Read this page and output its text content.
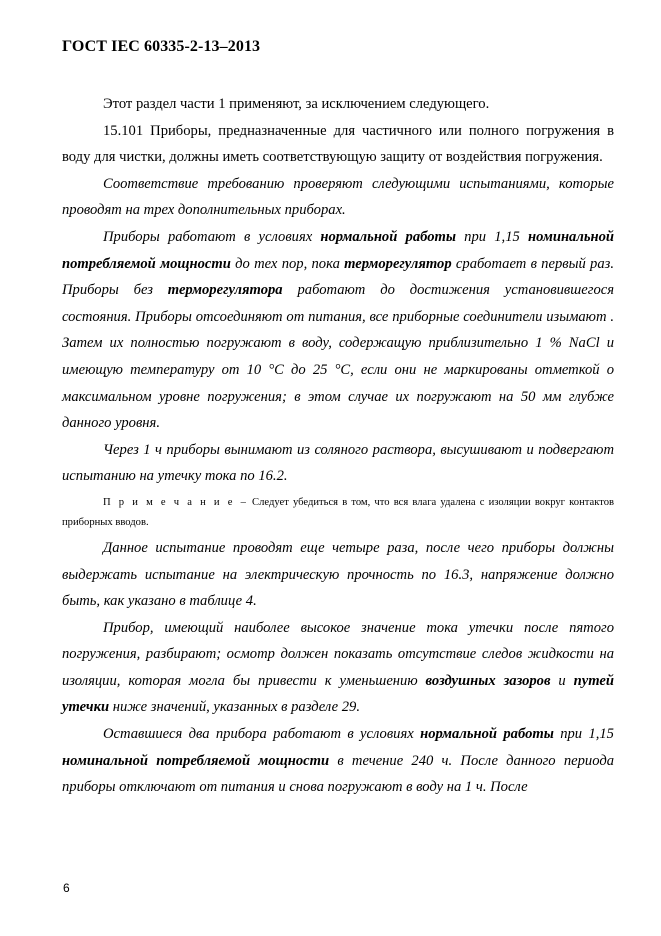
ГОСТ IEC 60335-2-13–2013

Этот раздел части 1 применяют, за исключением следующего.

15.101 Приборы, предназначенные для частичного или полного погружения в воду для чистки, должны иметь соответствующую защиту от воздействия погружения.

Соответствие требованию проверяют следующими испытаниями, которые проводят на трех дополнительных приборах.

Приборы работают в условиях нормальной работы при 1,15 номинальной потребляемой мощности до тех пор, пока терморегулятор сработает в первый раз. Приборы без терморегулятора работают до достижения установившегося состояния. Приборы отсоединяют от питания, все приборные соединители изымают . Затем их полностью погружают в воду, содержащую приблизительно 1 % NaCl и имеющую температуру от 10 °С до 25 °С, если они не маркированы отметкой о максимальном уровне погружения; в этом случае их погружают на 50 мм глубже данного уровня.

Через 1 ч приборы вынимают из соляного раствора, высушивают и подвергают испытанию на утечку тока по 16.2.

П р и м е ч а н и е – Следует убедиться в том, что вся влага удалена с изоляции вокруг контактов приборных вводов.

Данное испытание проводят еще четыре раза, после чего приборы должны выдержать испытание на электрическую прочность по 16.3, напряжение должно быть, как указано в таблице 4.

Прибор, имеющий наиболее высокое значение тока утечки после пятого погружения, разбирают; осмотр должен показать отсутствие следов жидкости на изоляции, которая могла бы привести к уменьшению воздушных зазоров и путей утечки ниже значений, указанных в разделе 29.

Оставшиеся два прибора работают в условиях нормальной работы при 1,15 номинальной потребляемой мощности в течение 240 ч. После данного периода приборы отключают от питания и снова погружают в воду на 1 ч. После

6
